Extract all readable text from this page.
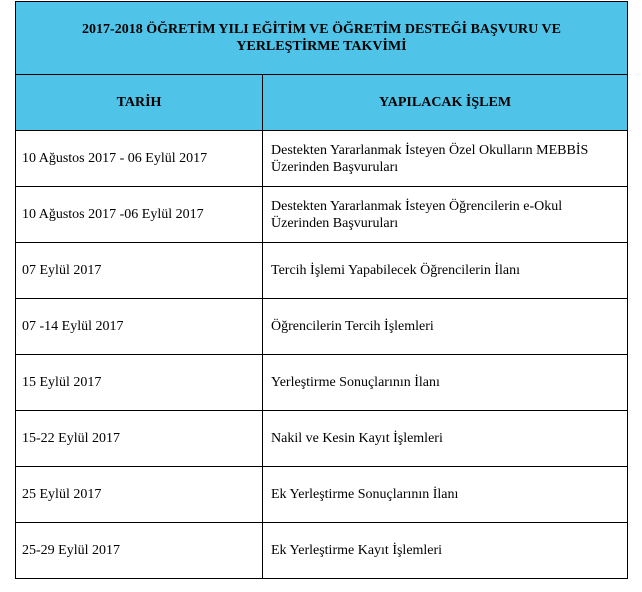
2017-2018 ÖĞRETİM YILI EĞİTİM VE ÖĞRETİM DESTEĞİ BAŞVURU VE YERLEŞTİRME TAKVİMİ	
TARİH	YAPILACAK İŞLEM
10 Ağustos 2017 - 06 Eylül 2017	Destekten Yararlanmak İsteyen Özel Okulların MEBBİS Üzerinden Başvuruları
10 Ağustos 2017 -06 Eylül 2017	Destekten Yararlanmak İsteyen Öğrencilerin e-Okul Üzerinden Başvuruları
07 Eylül 2017	Tercih İşlemi Yapabilecek Öğrencilerin İlanı
07 -14 Eylül 2017	Öğrencilerin Tercih İşlemleri
15 Eylül 2017	Yerleştirme Sonuçlarının İlanı
15-22 Eylül 2017	Nakil ve Kesin Kayıt İşlemleri
25 Eylül 2017	Ek Yerleştirme Sonuçlarının İlanı
25-29 Eylül 2017	Ek Yerleştirme Kayıt İşlemleri
